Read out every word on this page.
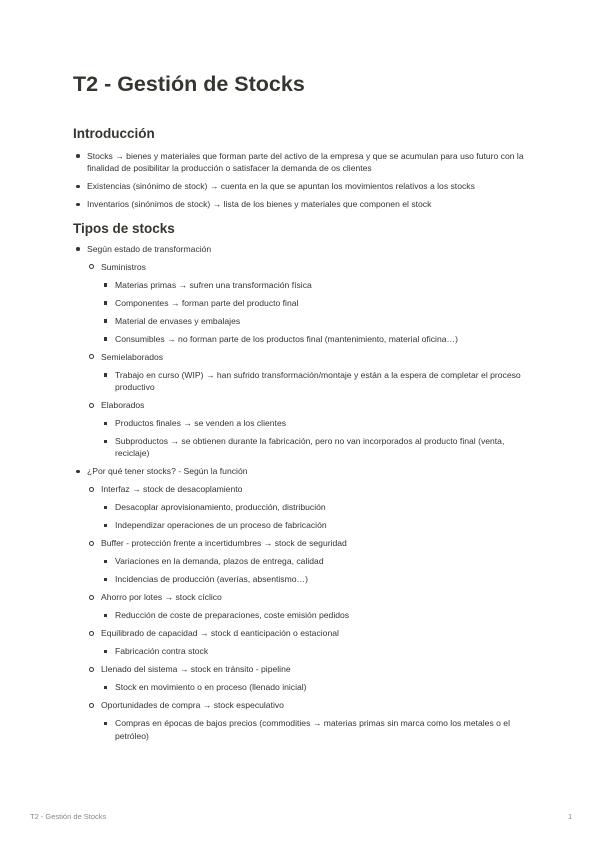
T2 - Gestión de Stocks
Introducción
Stocks → bienes y materiales que forman parte del activo de la empresa y que se acumulan para uso futuro con la finalidad de posibilitar la producción o satisfacer la demanda de os clientes
Existencias (sinónimo de stock) → cuenta en la que se apuntan los movimientos relativos a los stocks
Inventarios (sinónimos de stock) → lista de los bienes y materiales que componen el stock
Tipos de stocks
Según estado de transformación
Suministros
Materias primas → sufren una transformación física
Componentes → forman parte del producto final
Material de envases y embalajes
Consumibles → no forman parte de los productos final (mantenimiento, material oficina…)
Semielaborados
Trabajo en curso (WIP) → han sufrido transformación/montaje y están a la espera de completar el proceso productivo
Elaborados
Productos finales → se venden a los clientes
Subproductos → se obtienen durante la fabricación, pero no van incorporados al producto final (venta, reciclaje)
¿Por qué tener stocks? - Según la función
Interfaz → stock de desacoplamiento
Desacoplar aprovisionamiento, producción, distribución
Independizar operaciones de un proceso de fabricación
Buffer - protección frente a incertidumbres → stock de seguridad
Variaciones en la demanda, plazos de entrega, calidad
Incidencias de producción (averías, absentismo…)
Ahorro por lotes → stock cíclico
Reducción de coste de preparaciones, coste emisión pedidos
Equilibrado de capacidad → stock d eanticipación o estacional
Fabricación contra stock
Llenado del sistema → stock en tránsito - pipeline
Stock en movimiento o en proceso (llenado inicial)
Oportunidades de compra → stock especulativo
Compras en épocas de bajos precios (commodities → materias primas sin marca como los metales o el petróleo)
T2 - Gestión de Stocks	1
